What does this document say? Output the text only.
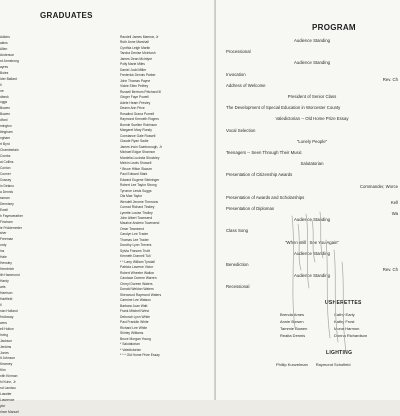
GRADUATES
Adkins
akins
Allen
Anderson
rd Armstrong
ayres
Boies
Ider Ballard
ll
ne
dbeck
oggs
Bowen
Bowen
dford
mington
ttingham
ngham
rt Byrd
Chamberlain
Combs
ai Collins
Conlon
Conner
Gossey
in Delano
a Dennis
ssman
Dennisey
Ewell
h Fayerweather
Fincham
ie Friddemmler
sher
Freeman
ordy
ins
Hale
Hensley
Hembrich
ith Hammond
Hardy
arts
Harrison
Hartfield
ll
nan Holland
Holloway
wers
ell Holton
Irving
Jackson
Jenkins
Jones
lt Johnson
Kearney
Kim
nith Kinman
hi Kuhn, Jr
nd Landau
Lassiter
Lawrence
ylor
rince Manuel
Randell James Marmar, Jr
Ruth Anne Marshall
Cynthia Leigh Martin
Tandra Denise McIntosh
James Dean McIntyre
Polly Marie Miles
Daniel Judd Miller
Frederick Dennis Parker
John Thomas Payne
Vickie Ellen Pelfrey
Russell Bertrum Pritchard III
Ginger Faye Powell
Adele Hearn Presley
Deann Ann Price
Rosalind Grana Purnell
Raymond Kenneth Rogers
Bonnie Suellen Robinson
Margaret Mary Rundy
Constance Gale Russell
Claude Ryan Sadie
James Irwin Scarborough, Jr
Michael Edgar Shannon
Mordelia Lucinda Shockley
Melvin Lewis Showell
* Bruce Hilton Slacum
Paul Edward Stark
Edward Eugene Steininger
Robert Lee Taylor Strong
Tyronne Lewis Suggs
Ola Mae Taylor
Wendell Jerome Timmons
Conrad Richard Tindley
Lynette Louise Tindley
John Albert Townsend
Maurice Andrew Townsend
Omar Townsend
Carolyn Lee Trader
Thomas Lee Trader
Dorothy Lynn Trevers
Sylvia Frances Truitt
Kenneth Donnell Tull
* * Larry William Tyndall
Patricia Laverne Victor
Robert Wheeler Walton
Candace Dorene Warren
Cheryl Doreen Waters
Donald Weldon Waters
Sherwood Raymond Waters
Carmine Lee Watson
Barbara Joan Watt
Frank Mitchell West
Deborah Lynn White
Paul Franklin White
Richard Lee White
Shirley Williams
Bruce Morgan Young
* Salutatorian
* Valedictorian
* * * Old Home Prize Essay
PROGRAM

Audience Standing

Processional

Audience Standing

Invocation
Rev. Ch

Address of Welcome

President of Senior Class

The Development of Special Education in Worcester County

Valedictorian -- Old Home Prize Essay

Vocal Selection

"Lonely People"

Teenagers -- Seen Through Their Music

Salutatorian

Presentation of Citizenship Awards

Commander, Worce

Presentation of Awards and Scholarships
Kell

Presentation of Diplomas
Wa

Audience Standing

Class Song

"When Will I See You Again"

Audience Standing

Benediction
Rev. Ch

Audience Standing

Recessional

USHERETTES
Brenda Ames	Cathy Early
Annie Bowen	Kathy Frost
Tammie Bowen	Mona Harmon
Realta Dennis	Donna Richardson
LIGHTING
Phillip Kunzelman Raymond Schofield
